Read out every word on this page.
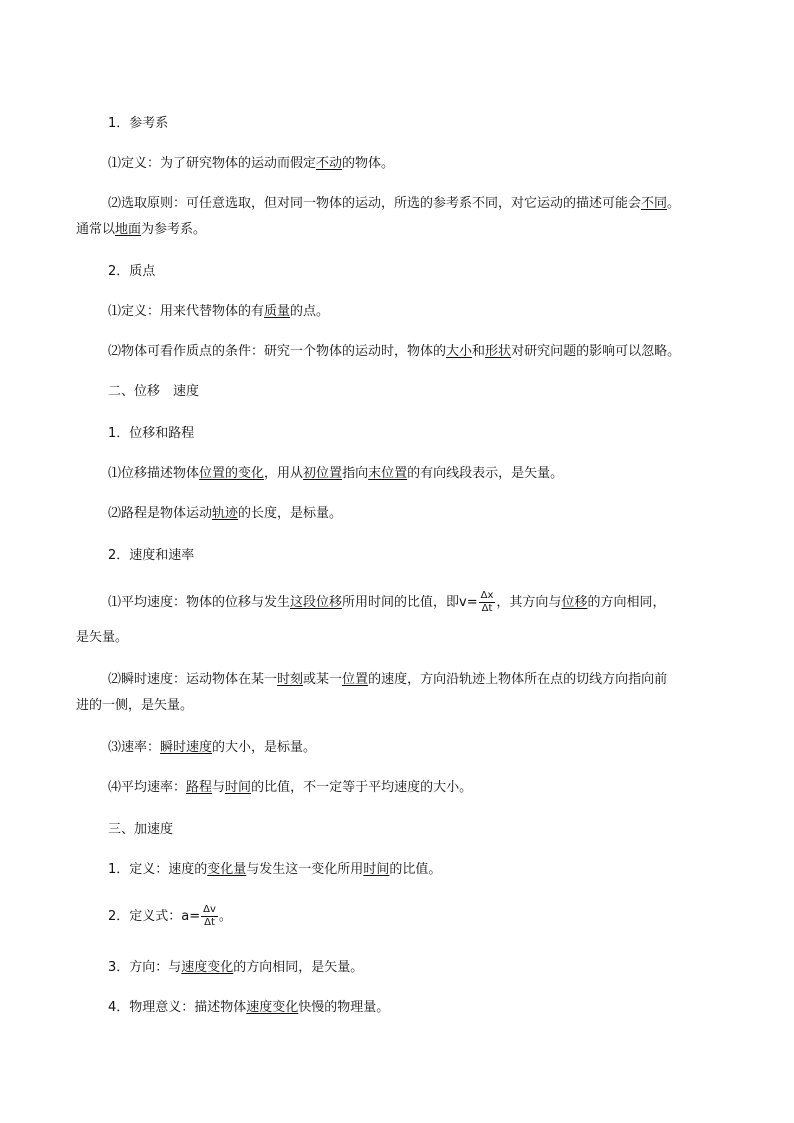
1．参考系
⑴定义：为了研究物体的运动而假定不动的物体。
⑵选取原则：可任意选取，但对同一物体的运动，所选的参考系不同，对它运动的描述可能会不同。
通常以地面为参考系。
2．质点
⑴定义：用来代替物体的有质量的点。
⑵物体可看作质点的条件：研究一个物体的运动时，物体的大小和形状对研究问题的影响可以忽略。
二、位移　速度
1．位移和路程
⑴位移描述物体位置的变化，用从初位置指向末位置的有向线段表示，是矢量。
⑵路程是物体运动轨迹的长度，是标量。
2．速度和速率
⑴平均速度：物体的位移与发生这段位移所用时间的比值，即$v= \frac{\Delta x}{\Delta t}$ ，其方向与位移的方向相同，
是矢量。
⑵瞬时速度：运动物体在某一时刻或某一位置的速度，方向沿轨迹上物体所在点的切线方向指向前
进的一侧，是矢量。
⑶速率：瞬时速度的大小，是标量。
⑷平均速率：路程与时间的比值，不一定等于平均速度的大小。
三、加速度
1．定义：速度的变化量与发生这一变化所用时间的比值。
2．定义式：$a= \frac{\Delta v}{\Delta t}$ 。
3．方向：与速度变化的方向相同，是矢量。
4．物理意义：描述物体速度变化快慢的物理量。
